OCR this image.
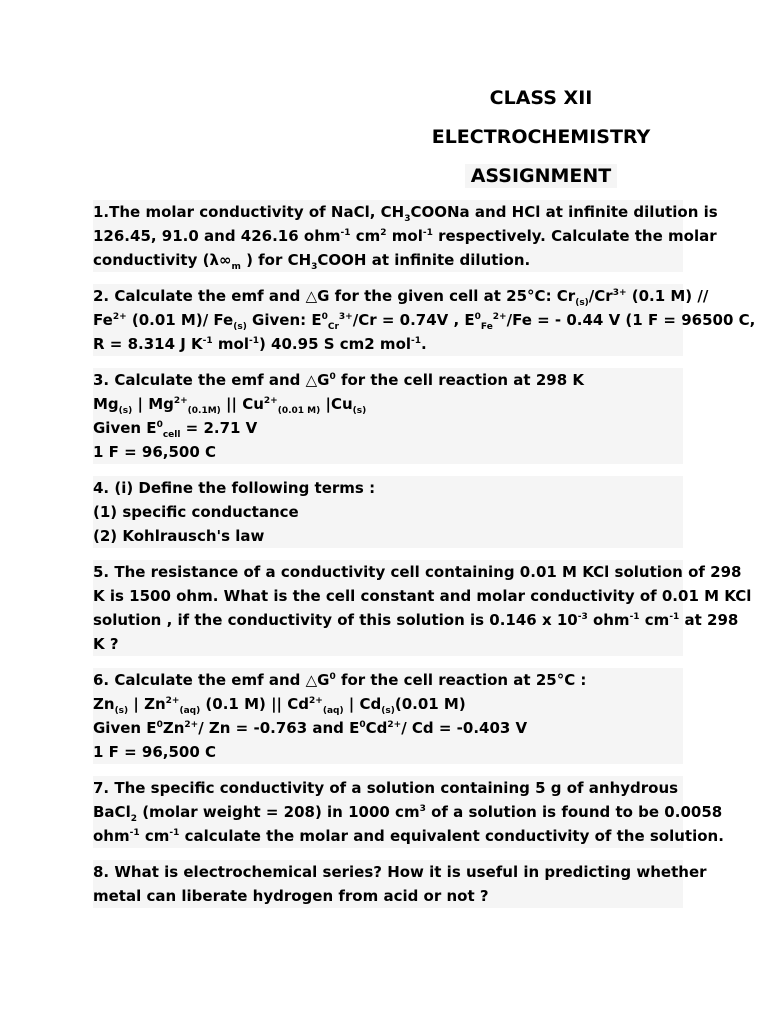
CLASS XII
ELECTROCHEMISTRY
ASSIGNMENT
1.The molar conductivity of NaCl, $CH_3COONa$ and HCl at infinite dilution is
126.45, 91.0 and 426.16 ohm$^{-1}$ $cm^2$ mol$^{-1}$ respectively. Calculate the molar
conductivity ($\lambda\infty_m$ ) for $CH_3COOH$ at infinite dilution.
2. Calculate the emf and △G for the given cell at 25°C: $Cr_{(s)}/Cr^{3+}$ (0.1 M) //
$Fe^{2+}$ (0.01 M)/ $Fe_{(s)}$ Given: $E^0_{Cr}^{3+}/Cr = 0.74V$ , $E^0_{Fe}^{2+}/Fe$ = - 0.44 V (1 F = 96500 C,
R = 8.314 J $K^{-1}$ mol$^{-1}$) 40.95 S cm2 mol$^{-1}$.
3. Calculate the emf and $\triangle G^0$ for the cell reaction at 298 K
$Mg_{(s)}$ | $Mg^{2+}_{(0.1M)}$ || $Cu^{2+}_{(0.01 M)}$ $|Cu_{(s)}$
Given $E^0_{cell} = 2.71$ V
1 F = 96,500 C
4. (i) Define the following terms :
(1) specific conductance
(2) Kohlrausch's law
5. The resistance of a conductivity cell containing 0.01 M KCl solution of 298
K is 1500 ohm. What is the cell constant and molar conductivity of 0.01 M KCl
solution , if the conductivity of this solution is 0.146 x $10^{-3}$ ohm$^{-1}$ $cm^{-1}$ at 298
K ?
6. Calculate the emf and $\triangle G^0$ for the cell reaction at 25°C :
$Zn_{(s)}$ | $Zn^{2+}_{(aq)}$ (0.1 M) || $Cd^{2+}_{(aq)}$ | $Cd_{(s)}(0.01$ M)
Given $E^0Zn^{2+}/$ Zn = -0.763 and $E^0Cd^{2+}/$ Cd = -0.403 V
1 F = 96,500 C
7. The specific conductivity of a solution containing 5 g of anhydrous
BaCl$_2$ (molar weight = 208) in 1000 $cm^3$ of a solution is found to be 0.0058
ohm$^{-1}$ $cm^{-1}$ calculate the molar and equivalent conductivity of the solution.
8. What is electrochemical series? How it is useful in predicting whether
metal can liberate hydrogen from acid or not ?
